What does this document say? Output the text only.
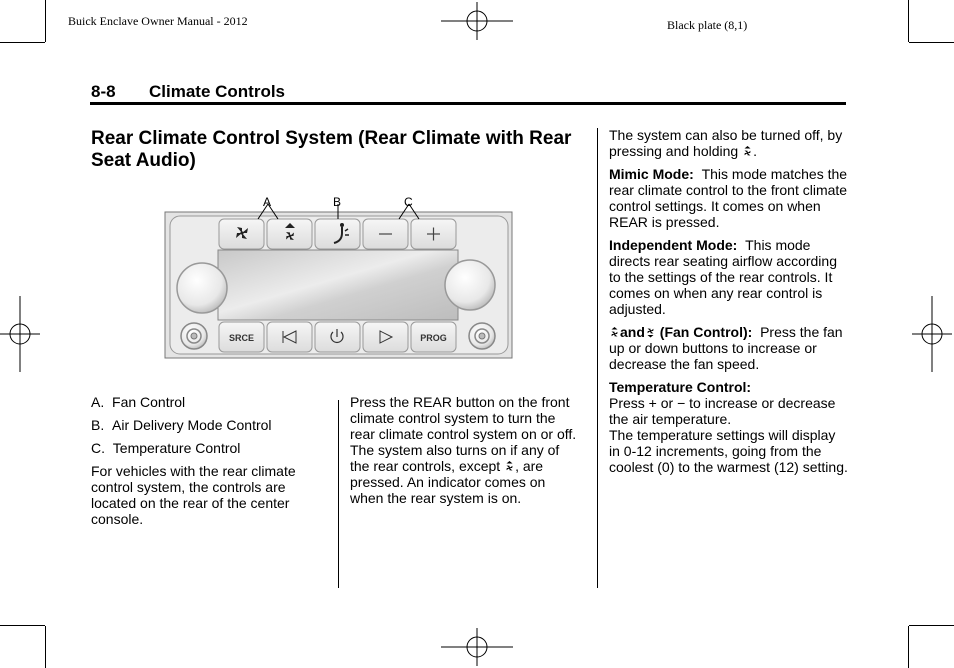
Buick Enclave Owner Manual - 2012	Black plate (8,1)
8-8 Climate Controls
Rear Climate Control System (Rear Climate with Rear Seat Audio)
A	B	C
SRCE	PROG
A. Fan Control
B. Air Delivery Mode Control
C. Temperature Control
For vehicles with the rear climate control system, the controls are located on the rear of the center console.
Press the REAR button on the front climate control system to turn the rear climate control system on or off. The system also turns on if any of the rear controls, except , are pressed. An indicator comes on when the rear system is on.

The system can also be turned off, by pressing and holding .

Mimic Mode: This mode matches the rear climate control to the front climate control settings. It comes on when REAR is pressed.

Independent Mode: This mode directs rear seating airflow according to the settings of the rear controls. It comes on when any rear control is adjusted.

and (Fan Control): Press the fan up or down buttons to increase or decrease the fan speed.

Temperature Control:
Press + or − to increase or decrease the air temperature.
The temperature settings will display in 0-12 increments, going from the coolest (0) to the warmest (12) setting.
